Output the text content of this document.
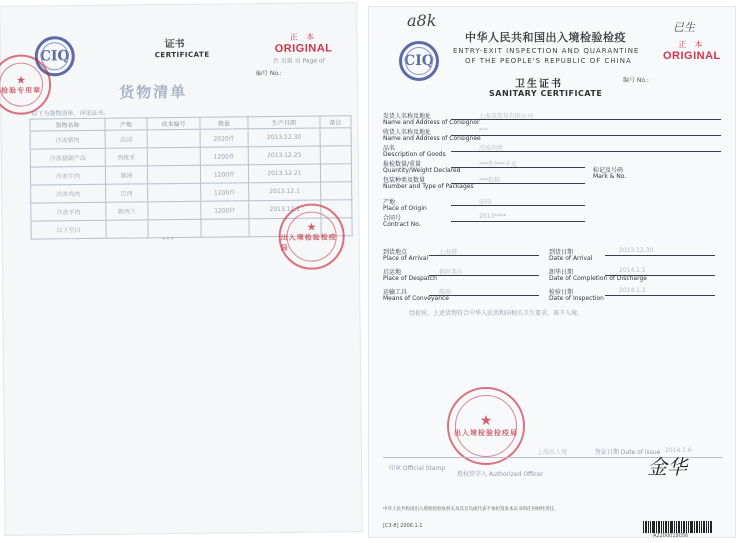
CIQ
证书
CERTIFICATE
共 页第 页 Page of
正 本
ORIGINAL
编号 No.:
货物清单
以下为货物清单，详见证书。
货物名称	产地	成本编号	数量	生产日期	备注
冷冻猪肉	法国		2020件	2013.12.30	
冷冻猪副产品	西班牙		1200件	2013.12.25	
冷冻牛肉	澳洲		1200件	2013.12.21	
冷冻鸡肉	巴西		1200件	2013.12.1	
冷冻羊肉	新西兰		1200件	2013.12.1	
以下空白					
* * *
★
检验专用章
★
出入境检验检疫局
a8k	已生
CIQ
中华人民共和国出入境检验检疫
ENTRY-EXIT INSPECTION AND QUARANTINE
OF THE PEOPLE'S REPUBLIC OF CHINA
正 本
ORIGINAL
卫生证书	编号 No.:
SANITARY CERTIFICATE
发货人名称及地址
Name and Address of Consignor
上海某贸易有限公司
收货人名称及地址
Name and Address of Consignee
***
品名
Description of Goods
冷冻肉类
报检数量/重量
Quantity/Weight Declared
***件/***千克
包装种类及数量
Number and Type of Packages
***纸箱
产地
Place of Origin
法国
合同号
Contract No.
2013****
到货地点
Place of Arrival
上海港	到货日期
Date of Arrival
2013.12.30
启运地
Place of Despatch
勒阿弗尔	卸毕日期
Date of Completion of Discharge
2014.1.1
运输工具
Means of Conveyance
船舶	检验日期
Date of Inspection
2014.1.2
标记及号码
Mark & No.
经检验，上述货物符合中华人民共和国相关卫生要求，准予入境。
★
出入境检验检疫局
上海出入境	签证日期 Date of Issue 2014.1.6
印章 Official Stamp
授权签字人 Authorized Officer	金华
中华人民共和国出入境检验检疫机关及其官员或代表不承担签发本证书的任何财经责任。
[C3-8] 2006.1.1
A2200018056
